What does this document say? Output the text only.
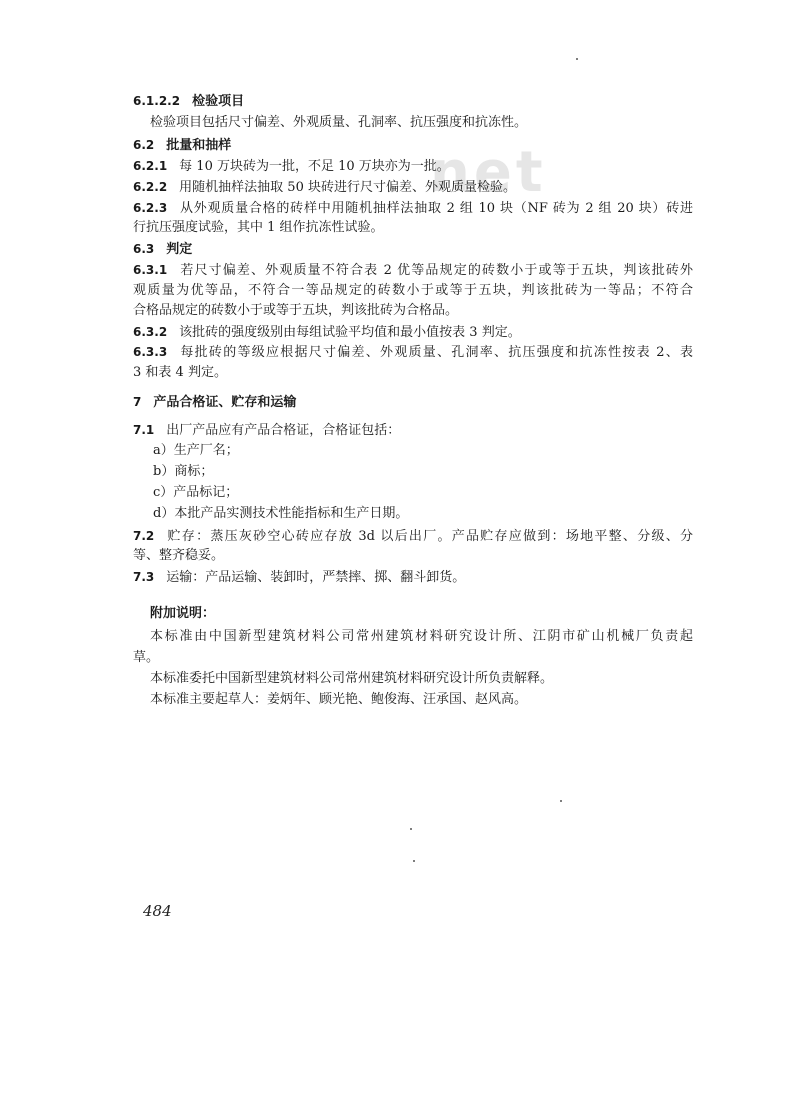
net
6.1.2.2 检验项目
检验项目包括尺寸偏差、外观质量、孔洞率、抗压强度和抗冻性。
6.2 批量和抽样
6.2.1 每 10 万块砖为一批，不足 10 万块亦为一批。
6.2.2 用随机抽样法抽取 50 块砖进行尺寸偏差、外观质量检验。
6.2.3 从外观质量合格的砖样中用随机抽样法抽取 2 组 10 块（NF 砖为 2 组 20 块）砖进
行抗压强度试验，其中 1 组作抗冻性试验。
6.3 判定
6.3.1 若尺寸偏差、外观质量不符合表 2 优等品规定的砖数小于或等于五块，判该批砖外
观质量为优等品，不符合一等品规定的砖数小于或等于五块，判该批砖为一等品；不符合
合格品规定的砖数小于或等于五块，判该批砖为合格品。
6.3.2 该批砖的强度级别由每组试验平均值和最小值按表 3 判定。
6.3.3 每批砖的等级应根据尺寸偏差、外观质量、孔洞率、抗压强度和抗冻性按表 2、表
3 和表 4 判定。
7 产品合格证、贮存和运输
7.1 出厂产品应有产品合格证，合格证包括：
a）生产厂名；
b）商标；
c）产品标记；
d）本批产品实测技术性能指标和生产日期。
7.2 贮存：蒸压灰砂空心砖应存放 3d 以后出厂。产品贮存应做到：场地平整、分级、分
等、整齐稳妥。
7.3 运输：产品运输、装卸时，严禁摔、掷、翻斗卸货。
附加说明：
本标准由中国新型建筑材料公司常州建筑材料研究设计所、江阴市矿山机械厂负责起
草。
本标准委托中国新型建筑材料公司常州建筑材料研究设计所负责解释。
本标准主要起草人：姜炳年、顾光艳、鲍俊海、汪承国、赵风高。
484
